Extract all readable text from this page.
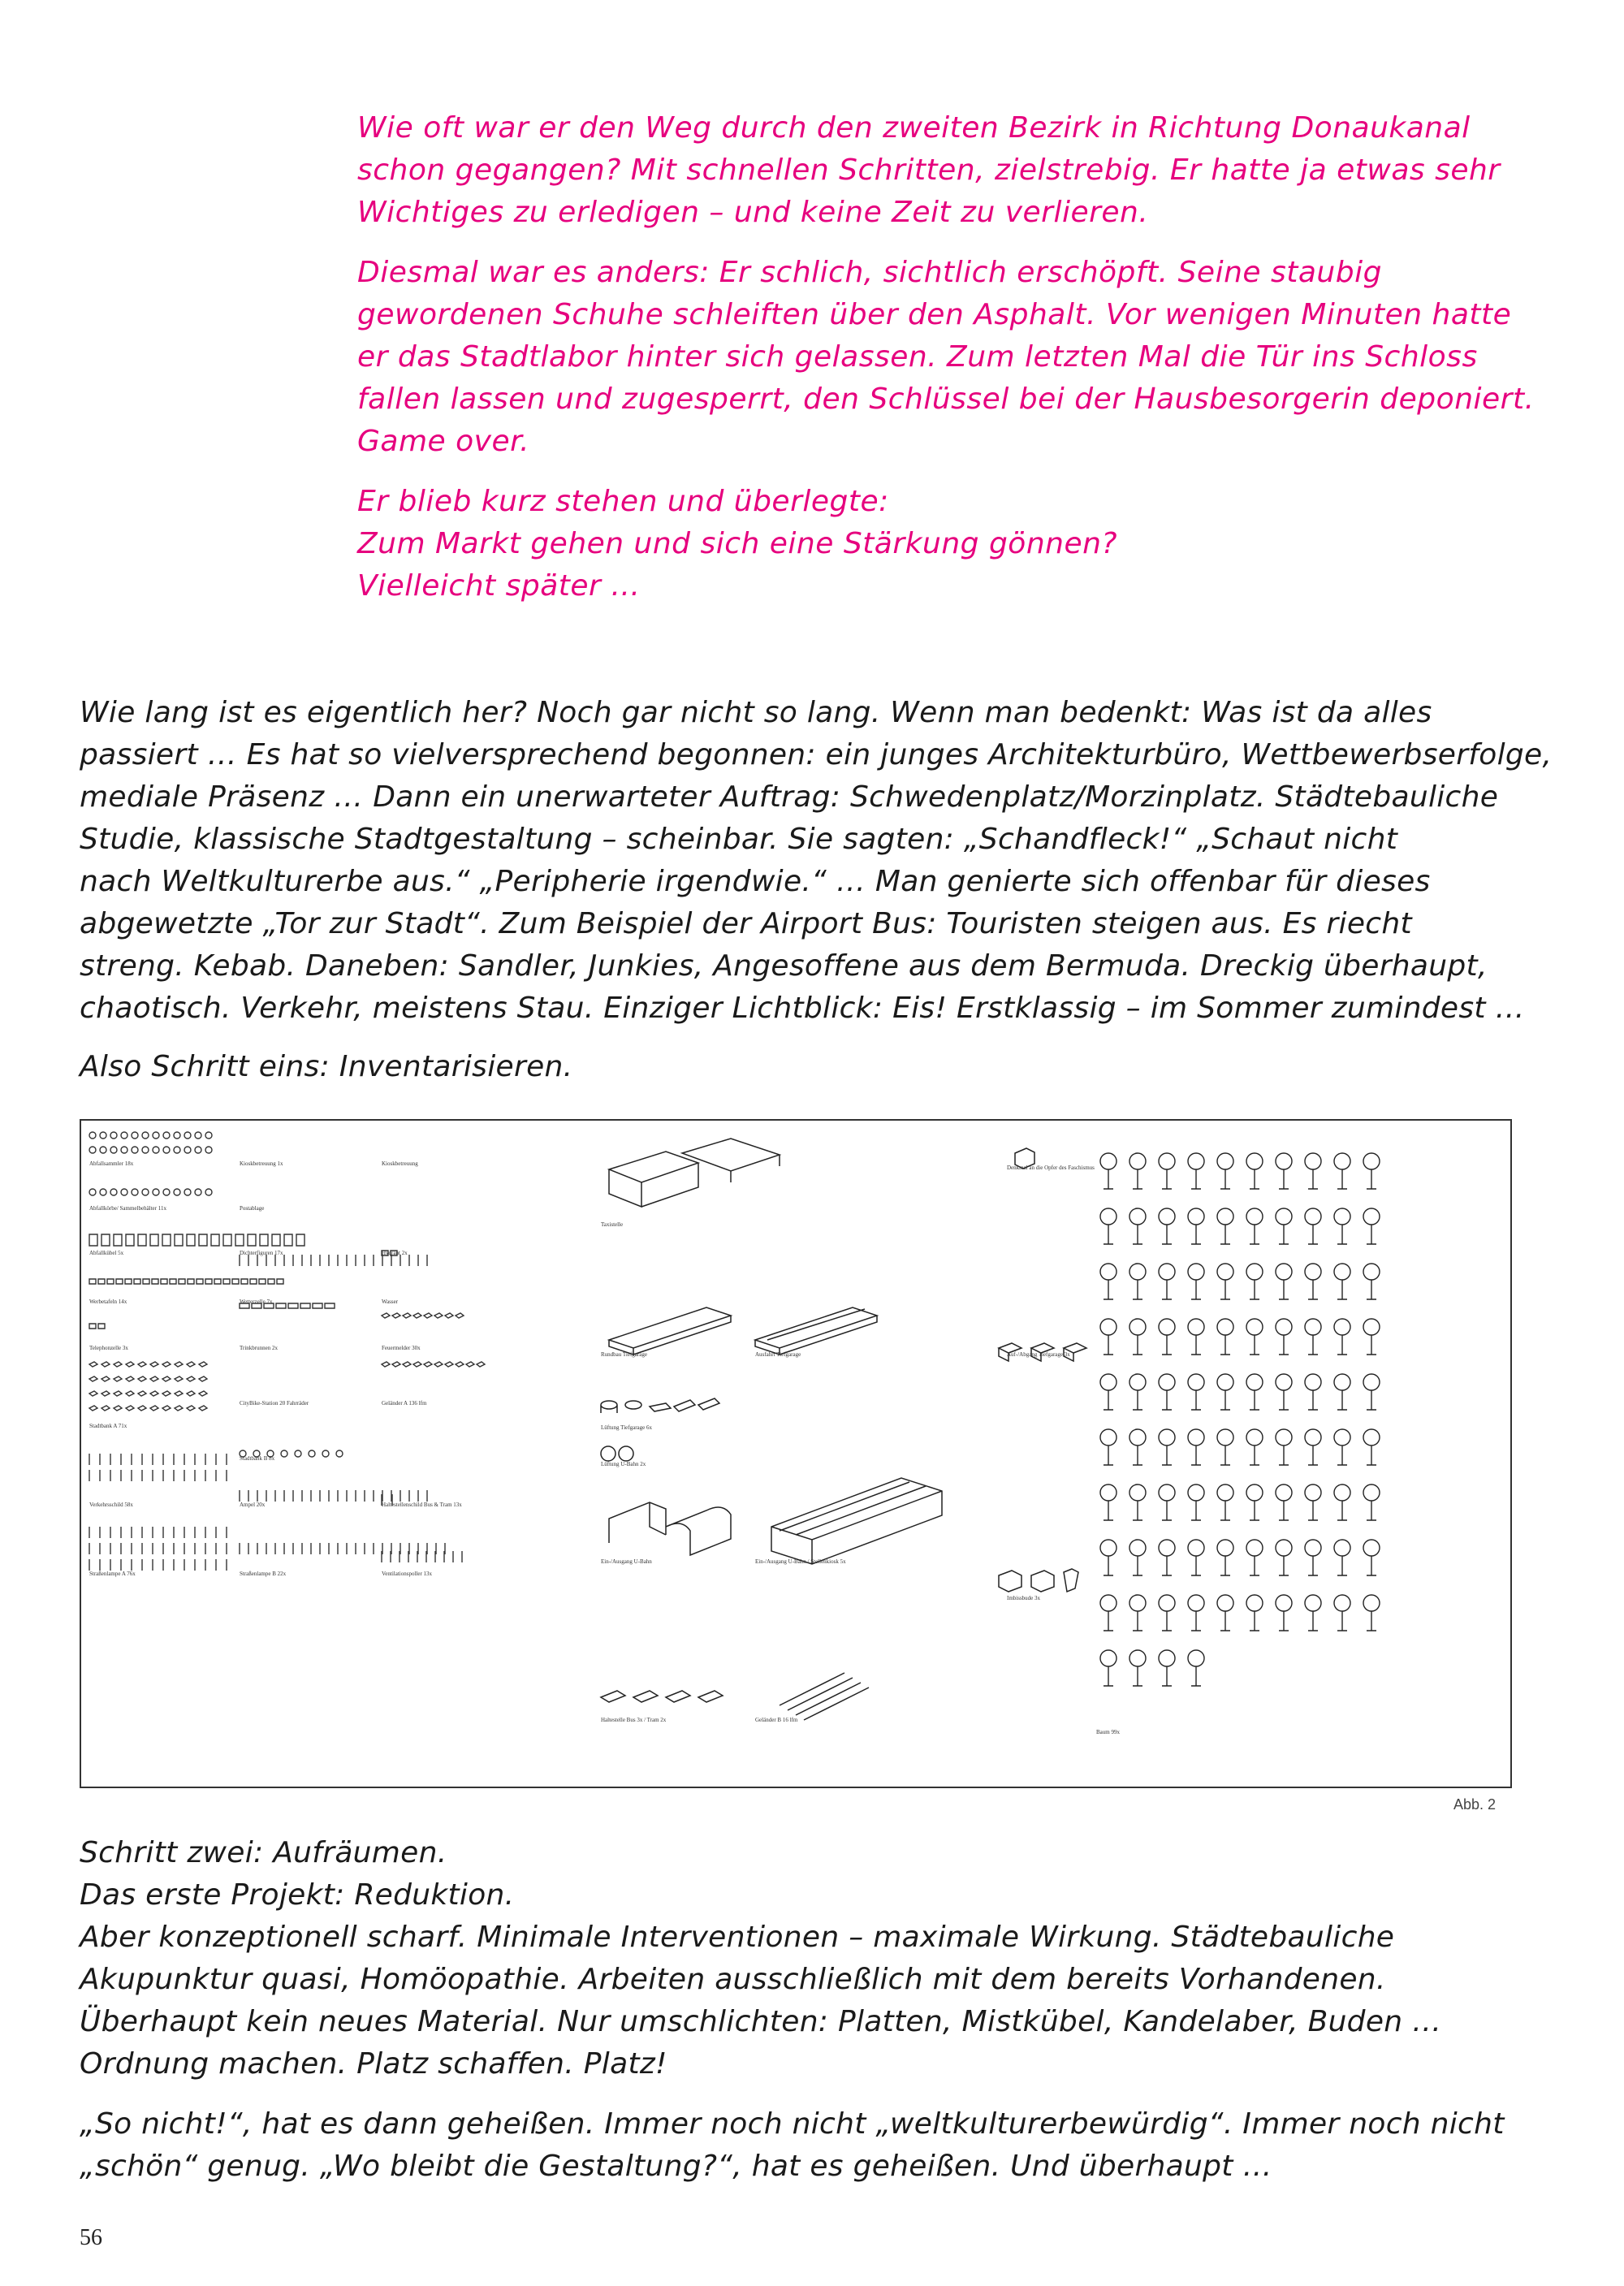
Wie oft war er den Weg durch den zweiten Bezirk in Richtung Donaukanal
schon gegangen? Mit schnellen Schritten, zielstrebig. Er hatte ja etwas sehr
Wichtiges zu erledigen – und keine Zeit zu verlieren.

Diesmal war es anders: Er schlich, sichtlich erschöpft. Seine staubig
gewordenen Schuhe schleiften über den Asphalt. Vor wenigen Minuten hatte
er das Stadtlabor hinter sich gelassen. Zum letzten Mal die Tür ins Schloss
fallen lassen und zugesperrt, den Schlüssel bei der Hausbesorgerin deponiert.
Game over.

Er blieb kurz stehen und überlegte:
Zum Markt gehen und sich eine Stärkung gönnen?
Vielleicht später …

Wie lang ist es eigentlich her? Noch gar nicht so lang. Wenn man bedenkt: Was ist da alles
passiert … Es hat so vielversprechend begonnen: ein junges Architekturbüro, Wettbewerbserfolge,
mediale Präsenz … Dann ein unerwarteter Auftrag: Schwedenplatz/Morzinplatz. Städtebauliche
Studie, klassische Stadtgestaltung – scheinbar. Sie sagten: „Schandfleck!“ „Schaut nicht
nach Weltkulturerbe aus.“ „Peripherie irgendwie.“ … Man genierte sich offenbar für dieses
abgewetzte „Tor zur Stadt“. Zum Beispiel der Airport Bus: Touristen steigen aus. Es riecht
streng. Kebab. Daneben: Sandler, Junkies, Angesoffene aus dem Bermuda. Dreckig überhaupt,
chaotisch. Verkehr, meistens Stau. Einziger Lichtblick: Eis! Erstklassig – im Sommer zumindest …

Also Schritt eins: Inventarisieren.

Abfallsammler 18x
Abfallkörbe/ Sammelbehälter 11x
Abfallkübel 5x
Werbetafeln 14x
Telephonzelle 3x
Stadtbank A 71x
Verkehrsschild 58x
Straßenlampe A 76x
Kioskbetreuung 1x
Postablage
Dichterfiguren 17x
Wetterzelle 7x
Trinkbrunnen 2x
CityBike-Station 20 Fahrräder
Stadtbank B 8x
Ampel 20x
Straßenlampe B 22x
Kioskbetreuung
Hydrant 2x
Wasser
Feuermelder 30x
Geländer A 136 lfm
Haltestellenschild Bus & Tram 13x
Ventilationspoller 13x
Taxistelle
Rundbau Tiefgarage	Ausfahrt Tiefgarage
Lüftung Tiefgarage 6x
Lüftung U-Bahn 2x
Ein-/Ausgang U-Bahn	Ein-/Ausgang U-Bahn / Stellenkiosk 5x
Haltestelle Bus 3x / Tram 2x	Geländer B 16 lfm
Denkmal an die Opfer des Faschismus
Auf-/Abgang Tiefgarage 3x
Imbissbude 3x
Baum 99x
Abb. 2

Schritt zwei: Aufräumen.
Das erste Projekt: Reduktion.
Aber konzeptionell scharf. Minimale Interventionen – maximale Wirkung. Städtebauliche
Akupunktur quasi, Homöopathie. Arbeiten ausschließlich mit dem bereits Vorhandenen.
Überhaupt kein neues Material. Nur umschlichten: Platten, Mistkübel, Kandelaber, Buden …
Ordnung machen. Platz schaffen. Platz!

„So nicht!“, hat es dann geheißen. Immer noch nicht „weltkulturerbewürdig“. Immer noch nicht
„schön“ genug. „Wo bleibt die Gestaltung?“, hat es geheißen. Und überhaupt …

56
